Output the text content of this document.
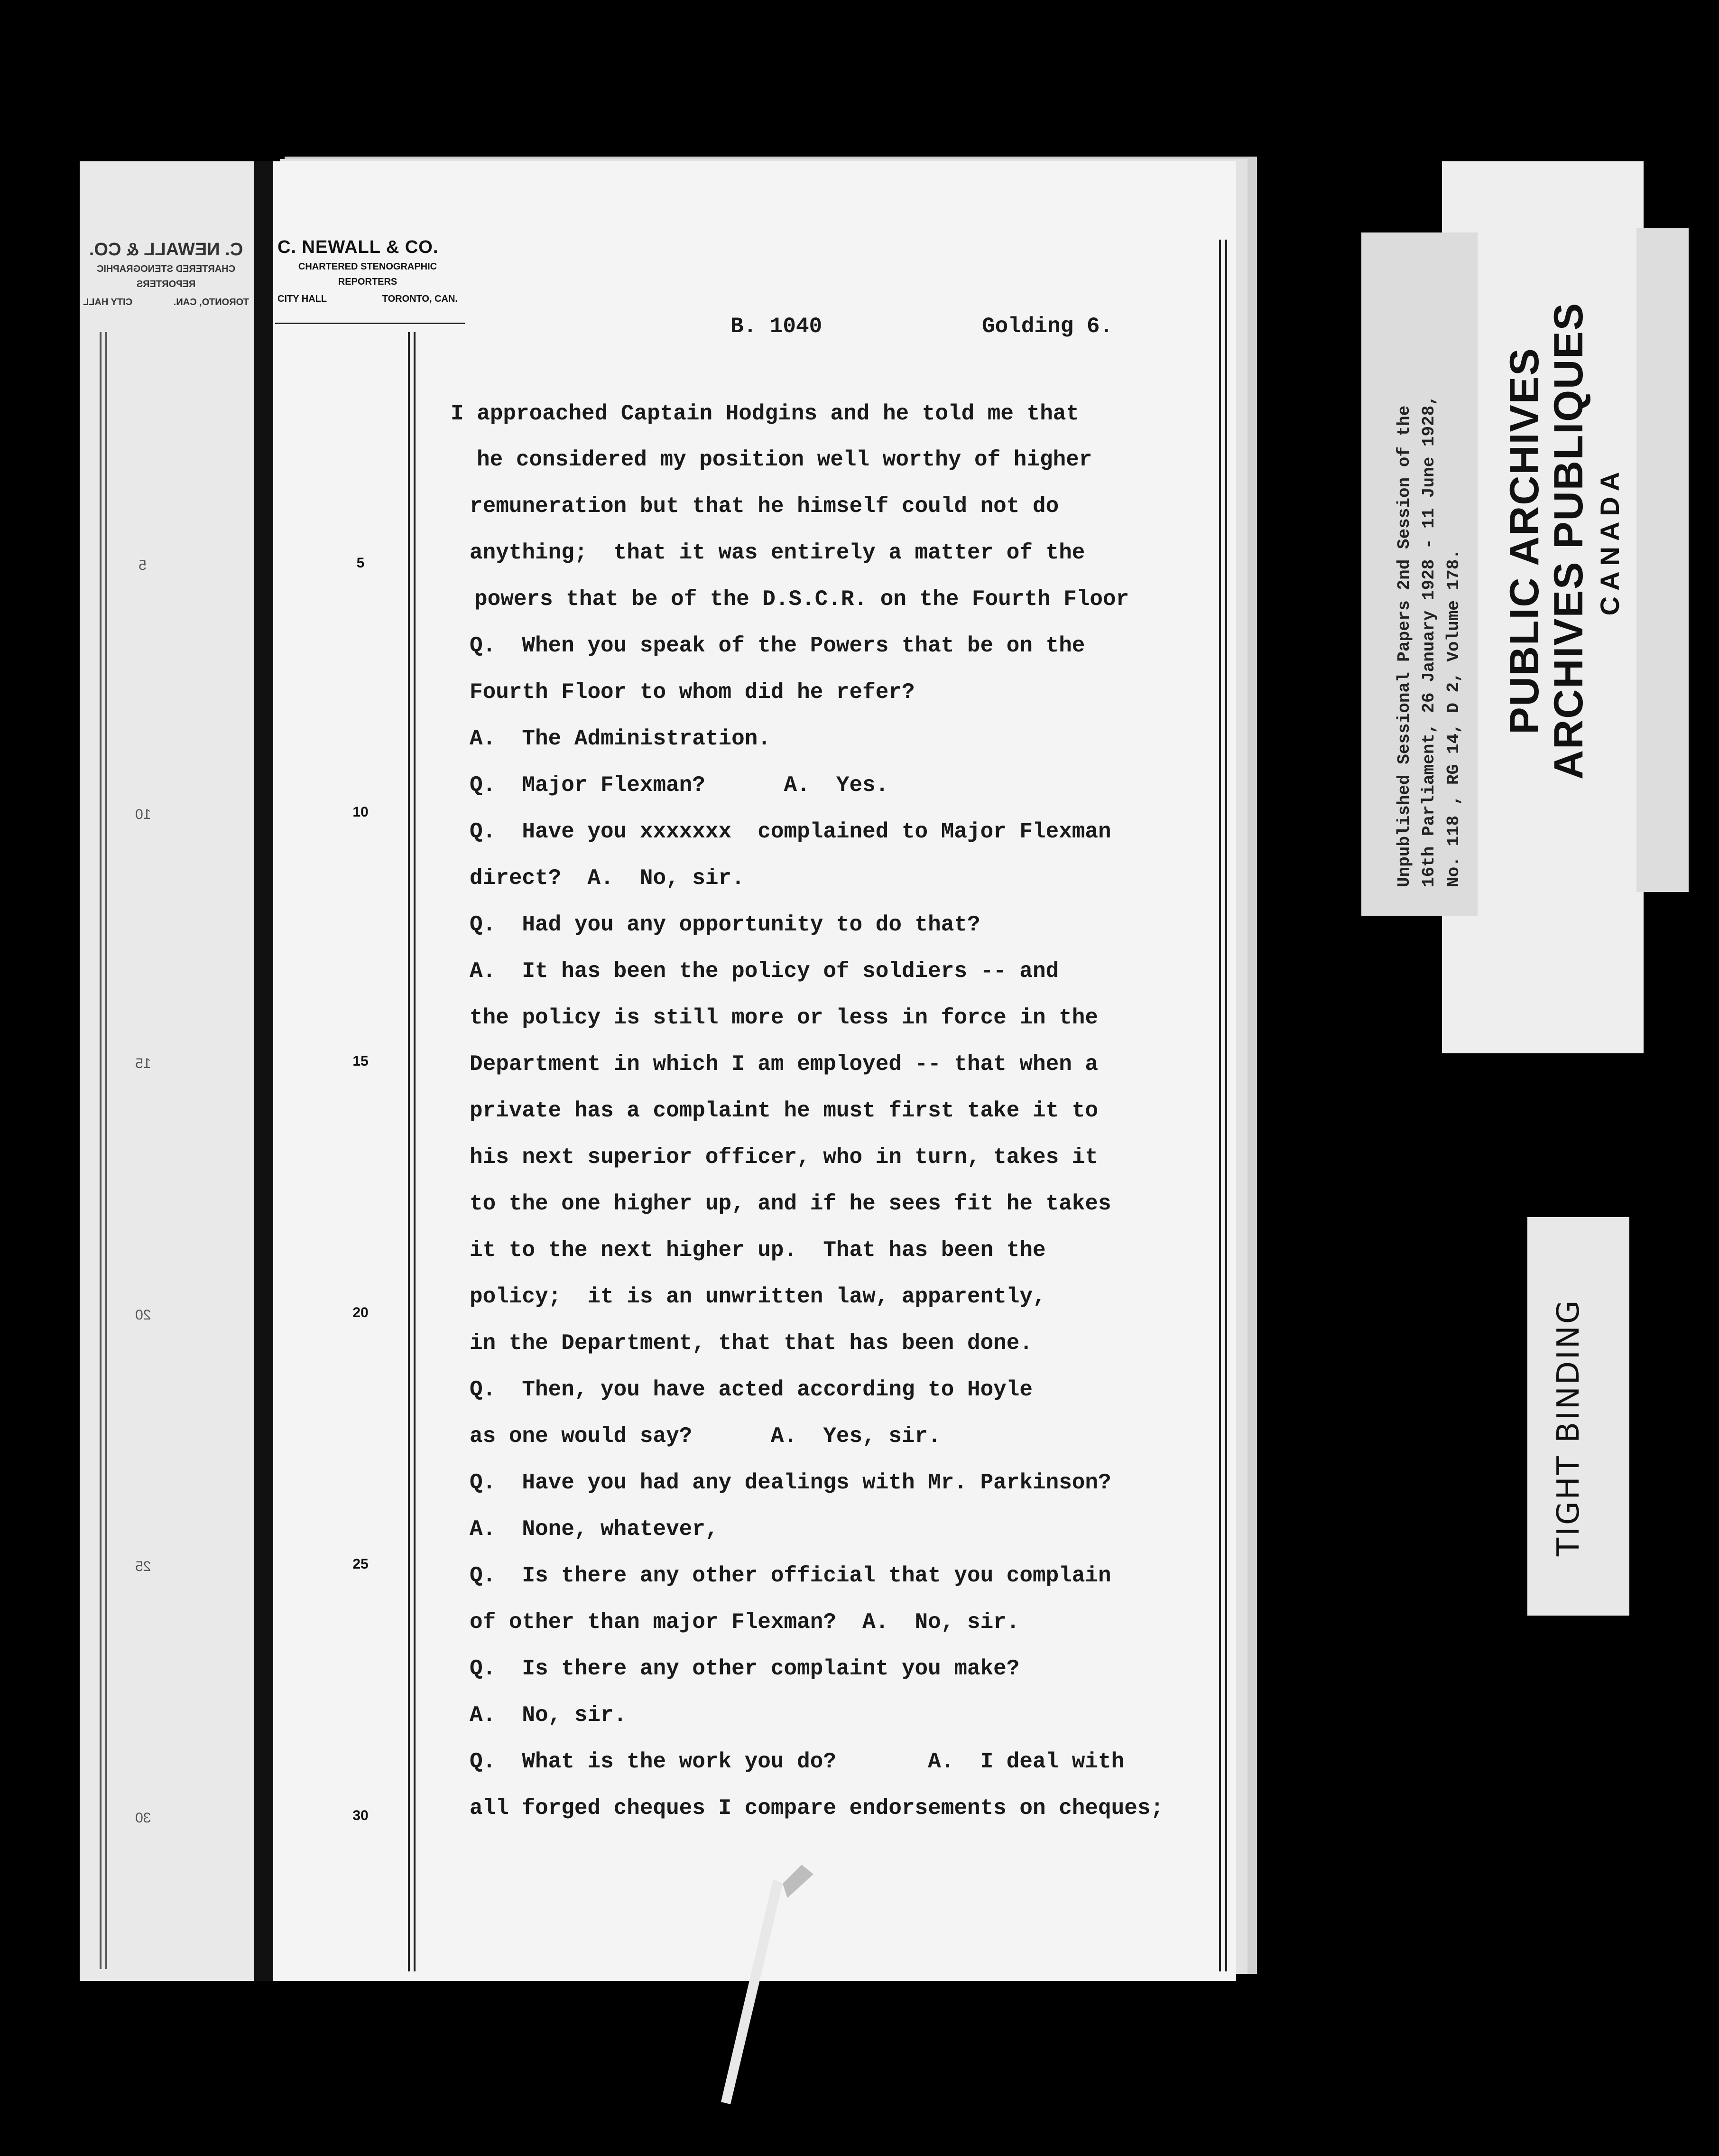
C. NEWALL & CO.
CHARTERED STENOGRAPHIC
REPORTERS
TORONTO, CAN.
CITY HALL
5
10
15
20
25
30
C. NEWALL & CO.
CHARTERED STENOGRAPHIC
REPORTERS
CITY HALL	TORONTO, CAN.
5
10
15
20
25
30
B. 1040	Golding 6.
I approached Captain Hodgins and he told me that
he considered my position well worthy of higher
remuneration but that he himself could not do
anything;  that it was entirely a matter of the
powers that be of the D.S.C.R. on the Fourth Floor
Q.  When you speak of the Powers that be on the
Fourth Floor to whom did he refer?
A.  The Administration.
Q.  Major Flexman?      A.  Yes.
Q.  Have you xxxxxxx  complained to Major Flexman
direct?  A.  No, sir.
Q.  Had you any opportunity to do that?
A.  It has been the policy of soldiers -- and
the policy is still more or less in force in the
Department in which I am employed -- that when a
private has a complaint he must first take it to
his next superior officer, who in turn, takes it
to the one higher up, and if he sees fit he takes
it to the next higher up.  That has been the
policy;  it is an unwritten law, apparently,
in the Department, that that has been done.
Q.  Then, you have acted according to Hoyle
as one would say?      A.  Yes, sir.
Q.  Have you had any dealings with Mr. Parkinson?
A.  None, whatever,
Q.  Is there any other official that you complain
of other than major Flexman?  A.  No, sir.
Q.  Is there any other complaint you make?
A.  No, sir.
Q.  What is the work you do?       A.  I deal with
all forged cheques I compare endorsements on cheques;
PUBLIC ARCHIVES
ARCHIVES PUBLIQUES CANADA
Unpublished Sessional Papers 2nd Session of the 16th Parliament, 26 January 1928 - 11 June 1928, No. 118 , RG 14, D 2, Volume 178.
TIGHT BINDING
